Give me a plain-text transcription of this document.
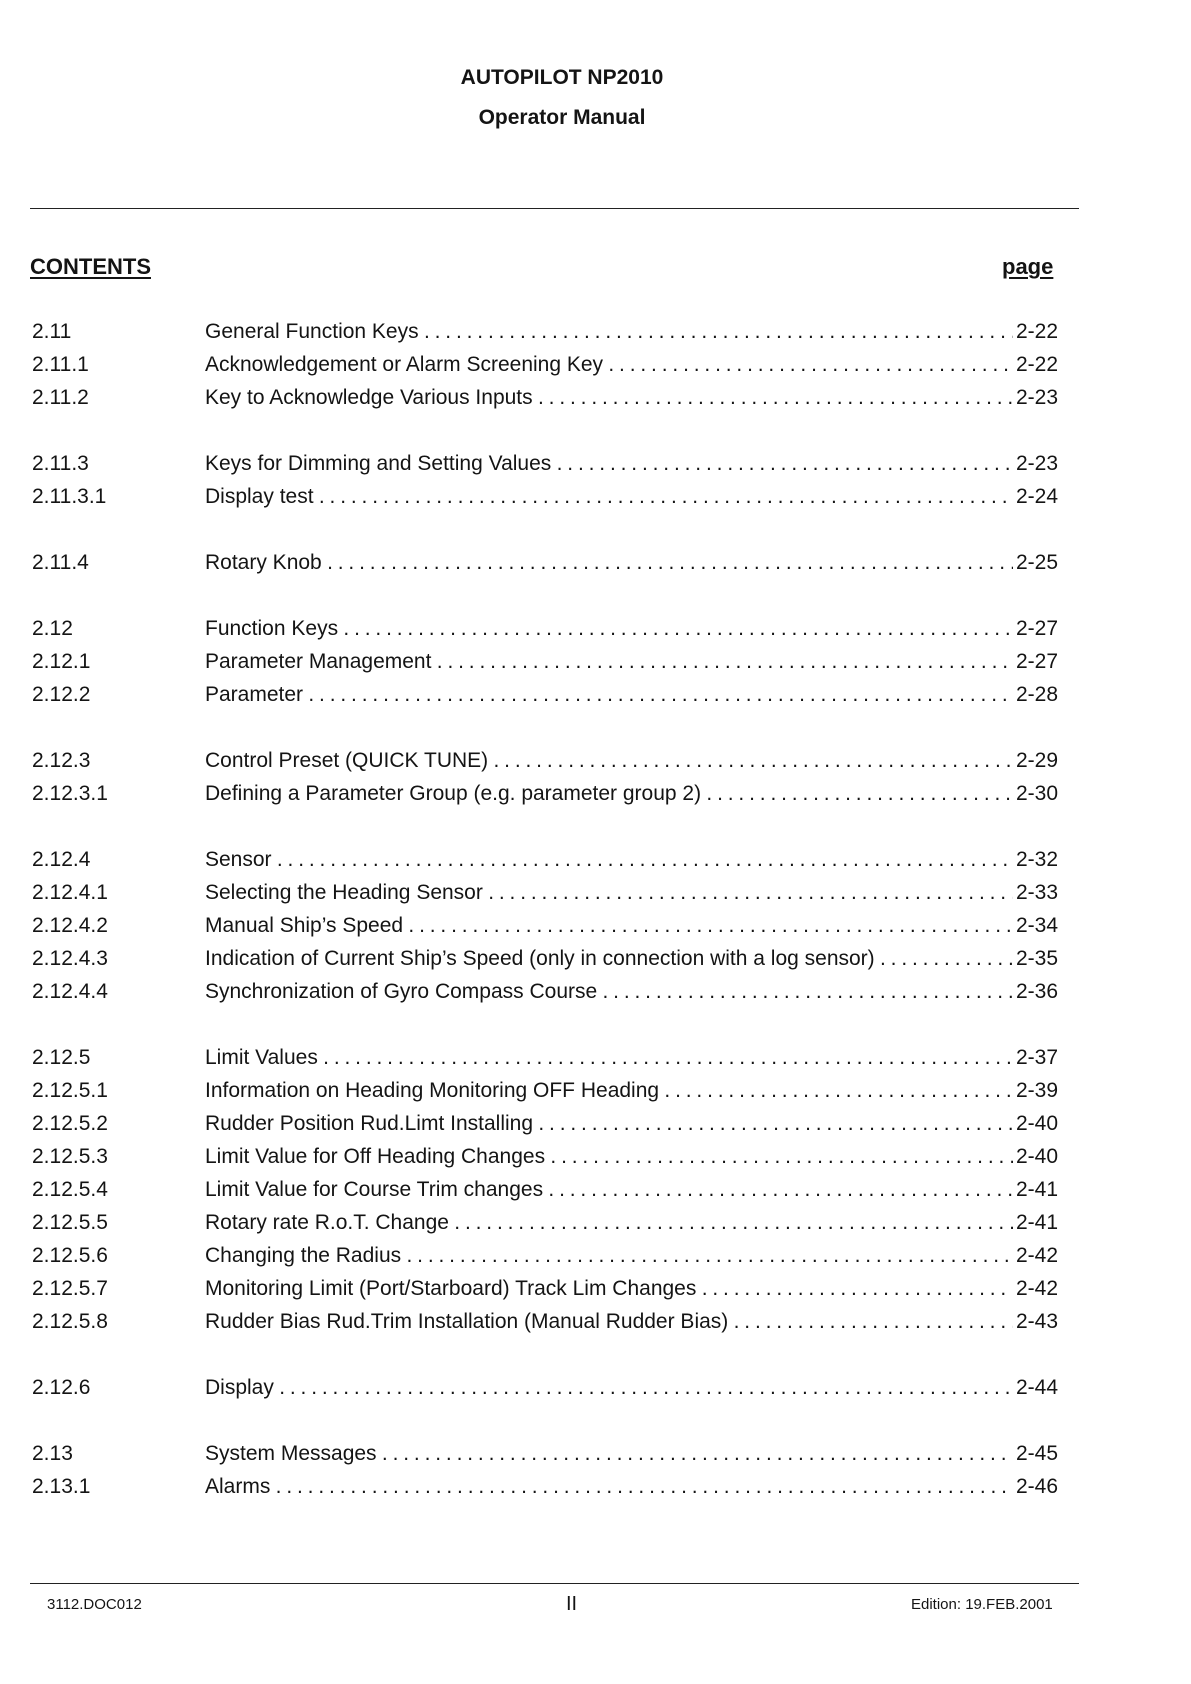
AUTOPILOT NP2010
Operator Manual
CONTENTS	page
2.11	General Function Keys . . .	2-22
2.11.1	Acknowledgement or Alarm Screening Key . . .	2-22
2.11.2	Key to Acknowledge Various Inputs . . .	2-23
2.11.3	Keys for Dimming and Setting Values . . .	2-23
2.11.3.1	Display test . . .	2-24
2.11.4	Rotary Knob . . .	2-25
2.12	Function Keys . . .	2-27
2.12.1	Parameter Management . . .	2-27
2.12.2	Parameter . . .	2-28
2.12.3	Control Preset (QUICK TUNE) . . .	2-29
2.12.3.1	Defining a Parameter Group (e.g. parameter group 2) . . .	2-30
2.12.4	Sensor . . .	2-32
2.12.4.1	Selecting the Heading Sensor . . .	2-33
2.12.4.2	Manual Ship’s Speed . . .	2-34
2.12.4.3	Indication of Current Ship’s Speed (only in connection with a log sensor) . . .	2-35
2.12.4.4	Synchronization of Gyro Compass Course . . .	2-36
2.12.5	Limit Values . . .	2-37
2.12.5.1	Information on Heading Monitoring OFF Heading . . .	2-39
2.12.5.2	Rudder Position Rud.Limt Installing . . .	2-40
2.12.5.3	Limit Value for Off Heading Changes . . .	2-40
2.12.5.4	Limit Value for Course Trim changes . . .	2-41
2.12.5.5	Rotary rate R.o.T. Change . . .	2-41
2.12.5.6	Changing the Radius . . .	2-42
2.12.5.7	Monitoring Limit (Port/Starboard) Track Lim Changes . . .	2-42
2.12.5.8	Rudder Bias Rud.Trim Installation (Manual Rudder Bias) . . .	2-43
2.12.6	Display . . .	2-44
2.13	System Messages . . .	2-45
2.13.1	Alarms . . .	2-46
3112.DOC012	II	Edition: 19.FEB.2001
